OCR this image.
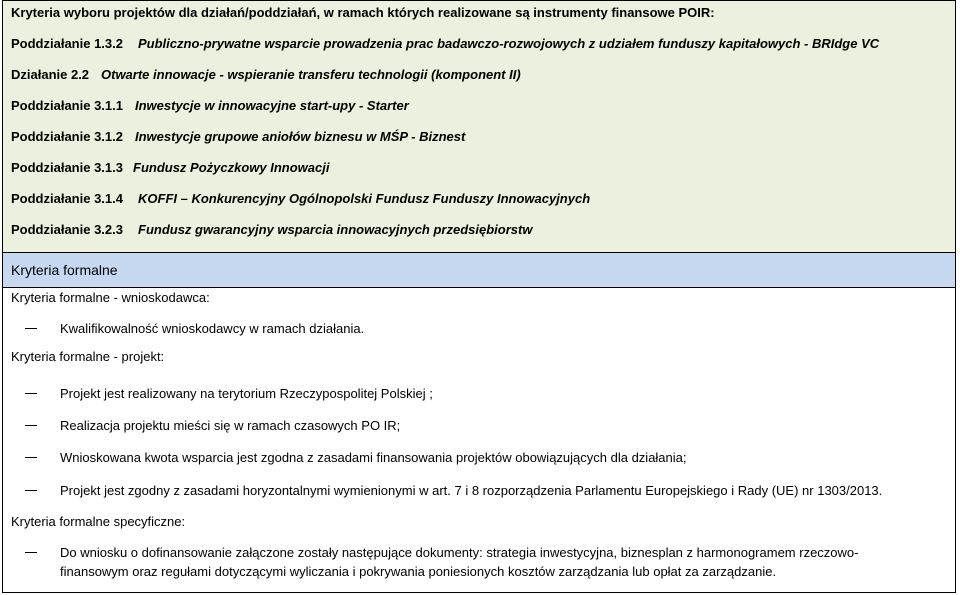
Kryteria wyboru projektów dla działań/poddziałań, w ramach których realizowane są instrumenty finansowe POIR:
Poddziałanie 1.3.2 Publiczno-prywatne wsparcie prowadzenia prac badawczo-rozwojowych z udziałem funduszy kapitałowych - BRIdge VC
Działanie 2.2 Otwarte innowacje - wspieranie transferu technologii (komponent II)
Poddziałanie 3.1.1 Inwestycje w innowacyjne start-upy - Starter
Poddziałanie 3.1.2 Inwestycje grupowe aniołów biznesu w MŚP - Biznest
Poddziałanie 3.1.3 Fundusz Pożyczkowy Innowacji
Poddziałanie 3.1.4 KOFFI – Konkurencyjny Ogólnopolski Fundusz Funduszy Innowacyjnych
Poddziałanie 3.2.3 Fundusz gwarancyjny wsparcia innowacyjnych przedsiębiorstw
Kryteria formalne
Kryteria formalne - wnioskodawca:
Kwalifikowalność wnioskodawcy w ramach działania.
Kryteria formalne - projekt:
Projekt jest realizowany na terytorium Rzeczypospolitej Polskiej ;
Realizacja projektu mieści się w ramach czasowych PO IR;
Wnioskowana kwota wsparcia jest zgodna z zasadami finansowania projektów obowiązujących dla działania;
Projekt jest zgodny z zasadami horyzontalnymi wymienionymi w art. 7 i 8 rozporządzenia Parlamentu Europejskiego i Rady (UE) nr 1303/2013.
Kryteria formalne specyficzne:
Do wniosku o dofinansowanie załączone zostały następujące dokumenty: strategia inwestycyjna, biznesplan z harmonogramem rzeczowo-
finansowym oraz regułami dotyczącymi wyliczania i pokrywania poniesionych kosztów zarządzania lub opłat za zarządzanie.
